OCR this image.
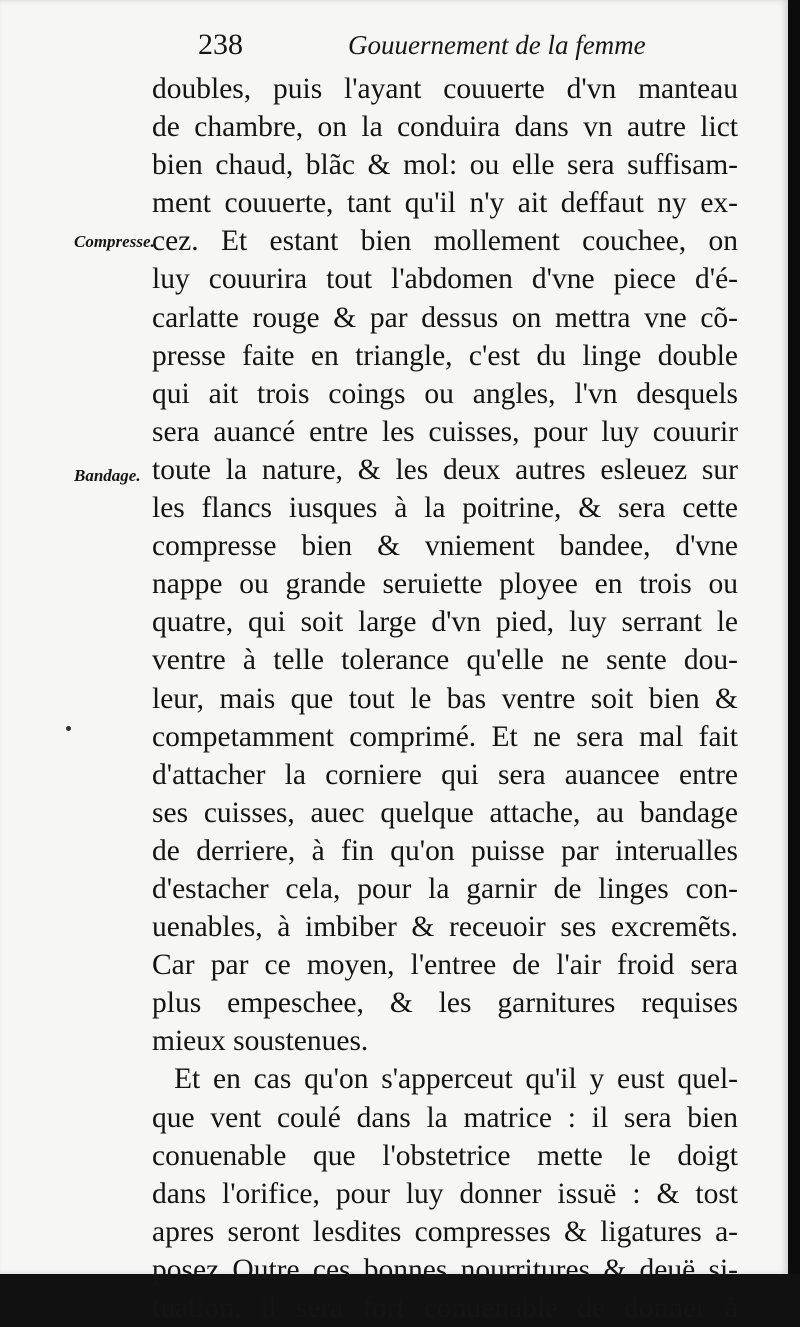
238	Gouuernement de la femme
Compresse.
Bandage.
doubles, puis l'ayant couuerte d'vn manteau
de chambre, on la conduira dans vn autre lict
bien chaud, blãc & mol: ou elle sera suffisam-
ment couuerte, tant qu'il n'y ait deffaut ny ex-
cez. Et estant bien mollement couchee, on
luy couurira tout l'abdomen d'vne piece d'é-
carlatte rouge & par dessus on mettra vne cõ-
presse faite en triangle, c'est du linge double
qui ait trois coings ou angles, l'vn desquels
sera auancé entre les cuisses, pour luy couurir
toute la nature, & les deux autres esleuez sur
les flancs iusques à la poitrine, & sera cette
compresse bien & vniement bandee, d'vne
nappe ou grande seruiette ployee en trois ou
quatre, qui soit large d'vn pied, luy serrant le
ventre à telle tolerance qu'elle ne sente dou-
leur, mais que tout le bas ventre soit bien &
competamment comprimé. Et ne sera mal fait
d'attacher la corniere qui sera auancee entre
ses cuisses, auec quelque attache, au bandage
de derriere, à fin qu'on puisse par interualles
d'estacher cela, pour la garnir de linges con-
uenables, à imbiber & receuoir ses excremẽts.
Car par ce moyen, l'entree de l'air froid sera
plus empeschee, & les garnitures requises
mieux soustenues.
Et en cas qu'on s'apperceut qu'il y eust quel-
que vent coulé dans la matrice : il sera bien
conuenable que l'obstetrice mette le doigt
dans l'orifice, pour luy donner issuë : & tost
apres seront lesdites compresses & ligatures a-
posez Outre ces bonnes nourritures & deuë si-
tuation, il sera fort conuenable de donner à
